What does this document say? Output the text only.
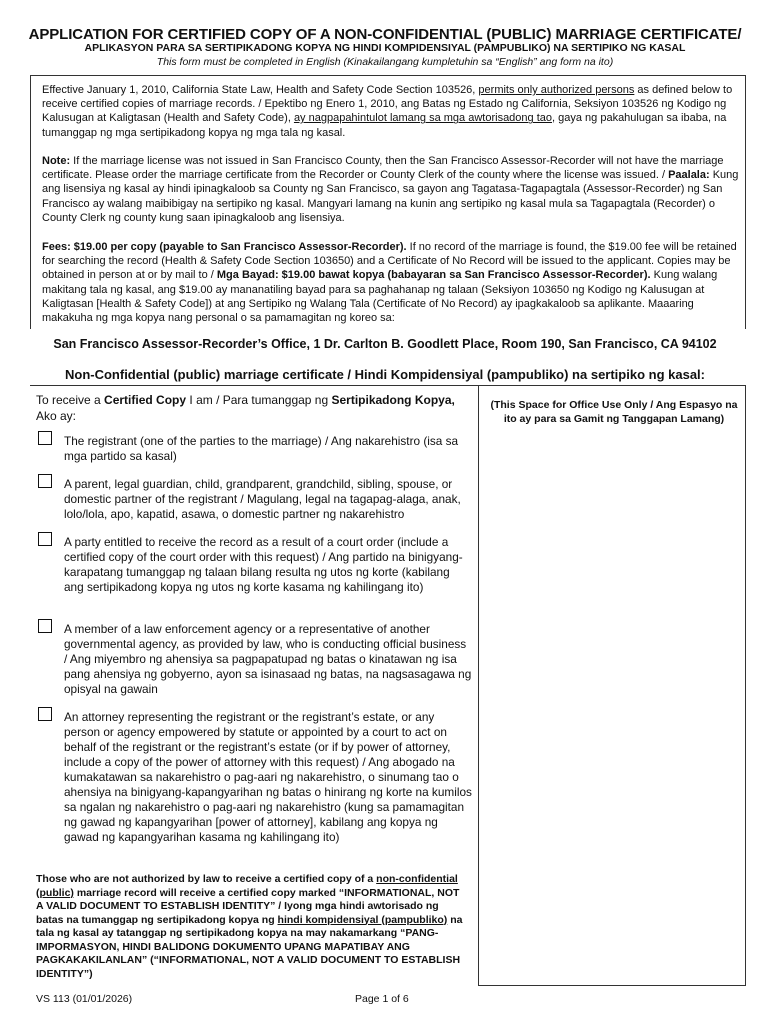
APPLICATION FOR CERTIFIED COPY OF A NON-CONFIDENTIAL (PUBLIC) MARRIAGE CERTIFICATE/
APLIKASYON PARA SA SERTIPIKADONG KOPYA NG HINDI KOMPIDENSIYAL (PAMPUBLIKO) NA SERTIPIKO NG KASAL
This form must be completed in English (Kinakailangang kumpletuhin sa “English” ang form na ito)
Effective January 1, 2010, California State Law, Health and Safety Code Section 103526, permits only authorized persons as defined below to receive certified copies of marriage records. / Epektibo ng Enero 1, 2010, ang Batas ng Estado ng California, Seksiyon 103526 ng Kodigo ng Kalusugan at Kaligtasan (Health and Safety Code), ay nagpapahintulot lamang sa mga awtorisadong tao, gaya ng pakahulugan sa ibaba, na tumanggap ng mga sertipikadong kopya ng mga tala ng kasal.
Note: If the marriage license was not issued in San Francisco County, then the San Francisco Assessor-Recorder will not have the marriage certificate. Please order the marriage certificate from the Recorder or County Clerk of the county where the license was issued. / Paalala: Kung ang lisensiya ng kasal ay hindi ipinagkaloob sa County ng San Francisco, sa gayon ang Tagatasa-Tagapagtala (Assessor-Recorder) ng San Francisco ay walang maibibigay na sertipiko ng kasal. Mangyari lamang na kunin ang sertipiko ng kasal mula sa Tagapagtala (Recorder) o County Clerk ng county kung saan ipinagkaloob ang lisensiya.
Fees: $19.00 per copy (payable to San Francisco Assessor-Recorder). If no record of the marriage is found, the $19.00 fee will be retained for searching the record (Health & Safety Code Section 103650) and a Certificate of No Record will be issued to the applicant. Copies may be obtained in person at or by mail to / Mga Bayad: $19.00 bawat kopya (babayaran sa San Francisco Assessor-Recorder). Kung walang makitang tala ng kasal, ang $19.00 ay mananatiling bayad para sa paghahanap ng talaan (Seksiyon 103650 ng Kodigo ng Kalusugan at Kaligtasan [Health & Safety Code]) at ang Sertipiko ng Walang Tala (Certificate of No Record) ay ipagkakaloob sa aplikante. Maaaring makakuha ng mga kopya nang personal o sa pamamagitan ng koreo sa:
San Francisco Assessor-Recorder’s Office, 1 Dr. Carlton B. Goodlett Place, Room 190, San Francisco, CA 94102
Non-Confidential (public) marriage certificate / Hindi Kompidensiyal (pampubliko) na sertipiko ng kasal:
(This Space for Office Use Only / Ang Espasyo na ito ay para sa Gamit ng Tanggapan Lamang)
To receive a Certified Copy I am / Para tumanggap ng Sertipikadong Kopya, Ako ay:
The registrant (one of the parties to the marriage) / Ang nakarehistro (isa sa mga partido sa kasal)
A parent, legal guardian, child, grandparent, grandchild, sibling, spouse, or domestic partner of the registrant / Magulang, legal na tagapag-alaga, anak, lolo/lola, apo, kapatid, asawa, o domestic partner ng nakarehistro
A party entitled to receive the record as a result of a court order (include a certified copy of the court order with this request) / Ang partido na binigyang-karapatang tumanggap ng talaan bilang resulta ng utos ng korte (kabilang ang sertipikadong kopya ng utos ng korte kasama ng kahilingang ito)
A member of a law enforcement agency or a representative of another governmental agency, as provided by law, who is conducting official business / Ang miyembro ng ahensiya sa pagpapatupad ng batas o kinatawan ng isa pang ahensiya ng gobyerno, ayon sa isinasaad ng batas, na nagsasagawa ng opisyal na gawain
An attorney representing the registrant or the registrant’s estate, or any person or agency empowered by statute or appointed by a court to act on behalf of the registrant or the registrant’s estate (or if by power of attorney, include a copy of the power of attorney with this request) / Ang abogado na kumakatawan sa nakarehistro o pag-aari ng nakarehistro, o sinumang tao o ahensiya na binigyang-kapangyarihan ng batas o hinirang ng korte na kumilos sa ngalan ng nakarehistro o pag-aari ng nakarehistro (kung sa pamamagitan ng gawad ng kapangyarihan [power of attorney], kabilang ang kopya ng gawad ng kapangyarihan kasama ng kahilingang ito)
Those who are not authorized by law to receive a certified copy of a non-confidential (public) marriage record will receive a certified copy marked “INFORMATIONAL, NOT A VALID DOCUMENT TO ESTABLISH IDENTITY” / Iyong mga hindi awtorisado ng batas na tumanggap ng sertipikadong kopya ng hindi kompidensiyal (pampubliko) na tala ng kasal ay tatanggap ng sertipikadong kopya na may nakamarkang “PANG-IMPORMASYON, HINDI BALIDONG DOKUMENTO UPANG MAPATIBAY ANG PAGKAKAKILANLAN” (“INFORMATIONAL, NOT A VALID DOCUMENT TO ESTABLISH IDENTITY”)
VS 113 (01/01/2026)	Page 1 of 6
